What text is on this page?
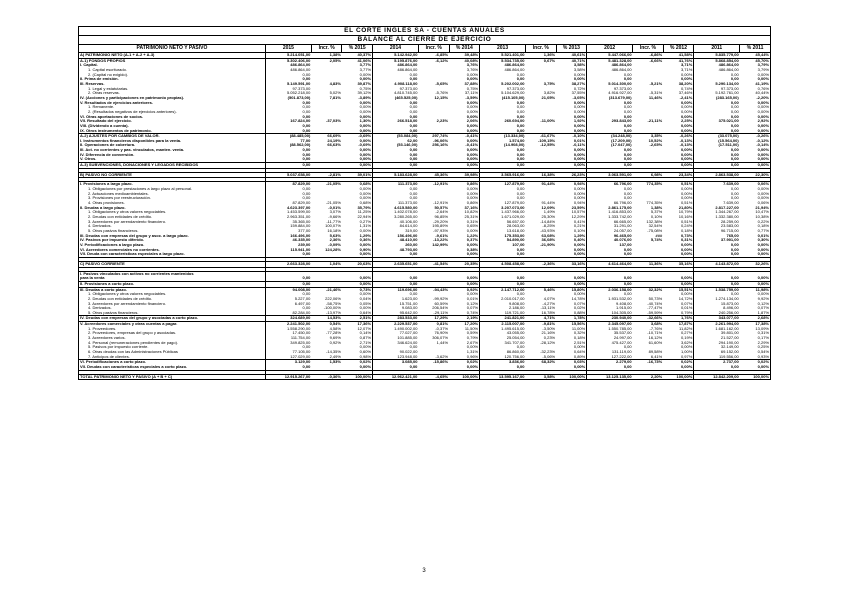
EL CORTE INGLÉS SA - CUENTAS ANUALES														
BALANCE AL CIERRE DE EJERCICIO														
PATRIMONIO NETO Y PASIVO	2015	Incr. %	% 2015	2014	Incr. %	% 2014	2013	Incr. %	% 2013	2012	Incr. %	% 2012	2011	% 2011
A) PATRIMONIO NETO (A-1 + A-2 + A-3)	5.214.051,00	1,38%	40,37%	5.142.942,00	-6,85%	39,48%	5.521.401,00	1,36%	40,61%	5.447.066,00	-6,86%	41,58%	5.835.779,00	45,44%
A-1) FONDOS PROPIOS	5.302.406,00	2,05%	41,06%	5.195.876,00	-6,12%	40,08%	5.534.735,00	0,67%	40,71%	5.481.328,00	-6,66%	41,76%	5.868.854,00	45,70%
I. Capital.	486.864,00		3,77%	486.864,00		3,76%	486.864,00		3,58%	486.864,00		3,71%	486.864,00	3,79%
1. Capital escriturado.	486.864,00		3,77%	486.864,00		3,76%	486.864,00		3,58%	486.864,00		3,71%	486.864,00	3,79%
2. (Capital no exigido).	0,00		0,00%	0,00		0,00%	0,00		0,00%	0,00		0,00%	0,00	0,00%
II. Prima de emisión.	0,00		0,00%	0,00		0,00%	0,00		0,00%	0,00		0,00%	0,00	0,00%
III. Reservas.	5.149.591,00	4,83%	39,87%	4.908.118,00	-5,65%	37,88%	5.202.002,00	3,75%	38,27%	5.014.300,00	-5,21%	38,20%	5.290.134,00	41,19%
1. Legal y estatutarias.	97.373,00		0,75%	97.373,00		0,75%	97.373,00		0,72%	97.373,00		0,74%	97.373,00	0,76%
2. Otras reservas.	5.052.218,00	5,02%	39,12%	4.810.745,00	-5,76%	37,11%	5.104.629,00	3,82%	37,55%	4.916.927,00	-5,31%	37,46%	5.192.761,00	40,44%
IV. (Acciones y participaciones en patrimonio propias).	(501.873,00)	7,81%	-3,89%	(465.525,00)	12,15%	-3,59%	(415.105,00)	21,05%	-3,05%	(313.679,00)	11,46%	-2,41%	(283.165,00)	-2,20%
V. Resultados de ejercicios anteriores.	0,00		0,00%	0,00		0,00%	0,00		0,00%	0,00		0,00%	0,00	0,00%
1. Remanente.	0,00		0,00%	0,00		0,00%	0,00		0,00%	0,00		0,00%	0,00	0,00%
2. (Resultados negativos de ejercicios anteriores).	0,00		0,00%	0,00		0,00%	0,00		0,00%	0,00		0,00%	0,00	0,00%
VI. Otras aportaciones de socios.	0,00		0,00%	0,00		0,00%	0,00		0,00%	0,00		0,00%	0,00	0,00%
VII. Resultado del ejercicio.	167.824,00	-37,03%	1,30%	266.518,00	2,23%	2,06%	260.694,00	-11,00%	1,92%	293.843,00	-21,11%	2,25%	375.021,00	2,92%
VIII. (Dividendo a cuenta).	0,00		0,00%	0,00		0,00%	0,00		0,00%	0,00		0,00%	0,00	0,00%
IX. Otros instrumentos de patrimonio.	0,00		0,00%	0,00		0,00%	0,00		0,00%	0,00		0,00%	0,00	0,00%
A-2) AJUSTES POR CAMBIOS DE VALOR.	(88.485,00)	66,69%	-0,69%	(53.084,00)	297,74%	-0,41%	(13.334,00)	-61,67%	-0,10%	(34.248,00)	3,35%	-0,26%	(33.075,00)	-0,26%
I. Instrumentos financieros disponibles para la venta.	77,00	24,19%	0,00%	62,00	-96,06%	0,00%	1.574,00	-109,15%	0,01%	(17.209,00)	10,52%	-0,13%	(15.564,00)	-0,12%
II. Operaciones de cobertura.	(88.562,00)	66,63%	-0,69%	(53.146,00)	256,16%	-0,41%	(14.908,00)	-12,55%	-0,11%	(17.047,00)	-2,65%	-0,13%	(17.511,00)	-0,14%
III. Act. no corrientes y pas. vinculados, manten. venta.	0,00		0,00%	0,00		0,00%	0,00		0,00%	0,00		0,00%	0,00	0,00%
IV. Diferencia de conversión.	0,00		0,00%	0,00		0,00%	0,00		0,00%	0,00		0,00%	0,00	0,00%
V. Otros.	0,00		0,00%	0,00		0,00%	0,00		0,00%	0,00		0,00%	0,00	0,00%
A-3) SUBVENCIONES, DONACIONES Y LEGADOS RECIBIDOS	0,00		0,00%	0,00		0,00%	0,00		0,00%	0,00		0,00%	0,00	0,00%

B) PASIVO NO CORRIENTE	5.037.658,00	-2,81%	39,01%	5.183.628,00	45,36%	39,98%	3.565.916,00	16,38%	26,23%	3.063.591,00	6,98%	23,34%	2.863.538,00	22,30%

I. Provisiones a largo plazo.	87.829,00	-21,05%	0,68%	111.373,00	-12,91%	0,86%	127.879,00	91,44%	0,94%	66.796,00	774,35%	0,51%	7.639,00	0,06%
1. Obligaciones por prestaciones a largo plazo al personal.	0,00		0,00%	0,00		0,00%	0,00		0,00%	0,00		0,00%	0,00	0,00%
2. Actuaciones medioambientales.	0,00		0,00%	0,00		0,00%	0,00		0,00%	0,00		0,00%	0,00	0,00%
3. Provisiones por reestructuración.	0,00		0,00%	0,00		0,00%	0,00		0,00%	0,00		0,00%	0,00	0,00%
4. Otras provisiones.	87.829,00	-21,05%	0,68%	111.373,00	-12,91%	0,86%	127.879,00	91,44%	0,94%	66.796,00	774,35%	0,51%	7.639,00	0,06%
II. Deudas a largo plazo.	4.623.397,00	-0,01%	35,79%	4.615.580,00	50,57%	37,16%	3.207.073,00	12,09%	23,59%	2.861.175,00	1,38%	21,80%	2.817.227,00	21,94%
1. Obligaciones y otros valores negociables.	1.453.599,00	3,07%	11,25%	1.402.078,00	-2,64%	10,82%	1.437.966,00	1,49%	10,57%	1.416.853,00	5,37%	10,79%	1.344.267,00	10,47%
2. Deudas con entidades de crédito.	2.963.351,00	-9,66%	22,94%	3.280.265,00	96,85%	25,31%	1.671.029,00	25,30%	12,29%	1.333.742,00	0,10%	10,16%	1.332.380,00	10,38%
3. Acreedores por arrendamiento financiero.	35.365,00	-11,77%	0,27%	40.106,00	-29,20%	0,31%	56.657,00	-14,84%	0,41%	66.665,00	132,38%	0,51%	28.259,00	0,22%
4. Derivados.	159.884,00	100,07%	1,31%	84.614,00	195,89%	0,65%	28.063,00	-8,25%	0,21%	31.291,00	32,54%	0,24%	23.583,00	0,18%
5. Otros pasivos financieros.	377,00	16,18%	0,00%	319,00	-97,93%	0,00%	13.618,00	-43,93%	0,10%	24.057,00	-75,08%	0,18%	96.715,00	0,77%
III. Deudas con empresas del grupo y asoc. a largo plazo.	166.496,00	5,63%	1,29%	156.496,00	-9,61%	1,22%	175.353,00	63,08%	1,29%	96.465,00	###	0,73%	765,00	0,01%
IV. Pasivos por impuesto diferido.	46.335,00	2,36%	0,36%	48.410,00	-13,22%	0,37%	54.890,00	36,08%	0,40%	40.076,00	5,74%	0,31%	37.901,00	0,30%
V. Periodificaciones a largo plazo.	239,00	-0,09%	0,00%	260,00	142,99%	0,00%	107,00	-21,90%	0,00%	137,00		0,00%	0,00	0,00%
VI. Acreedores comerciales no corrientes.	115.941,00	124,28%	0,90%	48.793,00		0,38%	0,00		0,00%	0,00		0,00%	0,00	0,00%
VII. Deuda con características especiales a largo plazo.	0,00		0,00%	0,00		0,00%	0,00		0,00%	0,00		0,00%	0,00	0,00%

C) PASIVO CORRIENTE	2.663.328,00	1,04%	20,63%	2.635.651,00	-41,54%	20,35%	4.508.458,00	-2,36%	33,16%	4.614.464,00	11,36%	35,16%	4.143.872,00	32,26%

I. Pasivos vinculados con activos no corrientes mantenidos														
para la venta	0,00		0,00%	0,00		0,00%	0,00		0,00%	0,00		0,00%	0,00	0,00%
II. Provisiones a corto plazo.	0,00		0,00%	0,00		0,00%	0,00		0,00%	0,00		0,00%	0,00	0,00%
III. Deudas a corto plazo.	94.008,00	-21,46%	0,73%	119.696,00	-94,43%	0,92%	2.147.712,00	5,46%	15,80%	2.036.158,00	32,32%	15,51%	1.538.759,00	11,98%
1. Obligaciones y otros valores negociables.	0,00		0,00%	0,00		0,00%	0,00		0,00%	0,00		0,00%	0,00	0,00%
2. Deudas con entidades de crédito.	5.227,00	222,06%	0,04%	1.623,00	-99,92%	0,01%	2.010.017,00	4,07%	14,78%	1.931.532,00	50,73%	14,72%	1.274.134,00	9,92%
3. Acreedores por arrendamiento financiero.	6.497,00	-58,75%	0,05%	15.751,00	60,59%	0,12%	9.808,00	-4,27%	0,07%	9.408,00	-40,74%	0,07%	15.873,00	0,12%
4. Derivados.	0,00	-100,00%	0,00%	9.083,00	206,54%	0,07%	2.186,00	-13,11%	0,02%	1.915,00	-77,47%	0,01%	8.496,00	0,07%
5. Otros pasivos financieros.	82.284,00	-13,97%	0,64%	95.642,00	-29,11%	0,74%	119.721,00	16,78%	0,88%	104.305,00	-59,59%	0,79%	240.256,00	1,87%
IV. Deudas con empresas del grupo y asociadas a corto plazo.	324.689,00	14,53%	2,51%	283.533,00	17,29%	2,19%	241.821,00	4,71%	1,78%	230.940,00	-32,66%	1,76%	343.077,00	2,68%
V. Acreedores comerciales y otras cuentas a pagar.	2.241.502,00	0,54%	17,36%	2.229.537,00	0,81%	17,20%	2.115.007,00	-9,81%	15,56%	2.345.097,00	3,68%	17,87%	2.261.994,00	17,38%
1. Proveedores.	1.558.290,00	4,58%	12,07%	1.490.002,00	-0,37%	11,50%	1.495.615,00	-3,50%	11,00%	1.550.785,00	-7,76%	11,82%	1.681.162,00	13,09%
2. Proveedores, empresas del grupo y asociadas.	17.450,00	-77,28%	0,14%	77.027,00	76,90%	0,59%	43.055,00	21,16%	0,32%	35.537,00	-10,71%	0,27%	39.801,00	0,31%
3. Acreedores varios.	111.754,00	9,69%	0,87%	101.885,00	306,07%	0,79%	25.054,00	0,23%	0,18%	24.997,00	16,12%	0,19%	21.527,00	0,17%
4. Personal (remuneraciones pendientes de pago).	349.825,00	0,92%	2,71%	346.624,00	1,44%	2,67%	341.707,00	-28,12%	2,51%	475.427,00	61,60%	3,62%	294.190,00	2,29%
5. Pasivos por impuesto corriente.	0,00		0,00%	0,00		0,00%	0,00		0,00%	0,00		0,00%	32.149,00	0,25%
6. Otras deudas con las Administraciones Públicas	77.105,00	-14,35%	0,60%	90.022,00		1,31%	86.860,00	-32,23%	0,64%	131.119,00	89,58%	1,00%	69.152,00	0,54%
7. Anticipos de clientes.	127.029,00	2,49%	0,98%	123.948,00	-3,62%	0,96%	120.756,00	-5,06%	0,89%	127.222,00	6,41%	0,97%	119.556,00	0,93%
VI. Periodificaciones a corto plazo.	3.129,00	1,53%	0,02%	3.085,00	-15,86%	0,02%	3.836,00	68,32%	0,03%	2.279,00	-16,73%	0,02%	2.737,00	0,02%
VII. Deudas con características especiales a corto plazo.	0,00		0,00%	0,00		0,00%	0,00		0,00%	0,00		0,00%	0,00	0,00%

TOTAL PATRIMONIO NETO Y PASIVO (A + B + C)	12.915.267,00	-0,36%	100,00%	12.962.421,00	-4,65%	100,00%	13.595.167,00	3,58%	100,00%	13.125.135,00	2,20%	100,00%	12.842.209,00	100,00%
3
